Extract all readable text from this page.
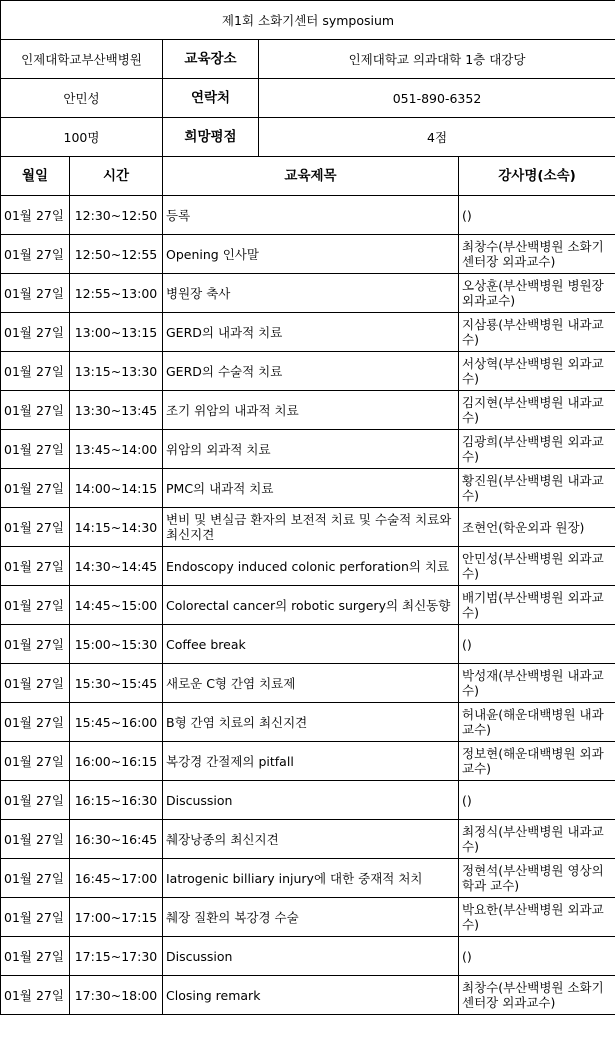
제1회 소화기센터 symposium				
인제대학교부산백병원		교육장소	인제대학교 의과대학 1층 대강당	
안민성		연락처	051-890-6352	
100명		희망평점	4점	
월일	시간	교육제목		강사명(소속)
01월 27일	12:30~12:50	등록		()
01월 27일	12:50~12:55	Opening 인사말		최창수(부산백병원 소화기센터장 외과교수)
01월 27일	12:55~13:00	병원장 축사		오상훈(부산백병원 병원장 외과교수)
01월 27일	13:00~13:15	GERD의 내과적 치료		지삼룡(부산백병원 내과교수)
01월 27일	13:15~13:30	GERD의 수술적 치료		서상혁(부산백병원 외과교수)
01월 27일	13:30~13:45	조기 위암의 내과적 치료		김지현(부산백병원 내과교수)
01월 27일	13:45~14:00	위암의 외과적 치료		김광희(부산백병원 외과교수)
01월 27일	14:00~14:15	PMC의 내과적 치료		황진원(부산백병원 내과교수)
01월 27일	14:15~14:30	변비 및 변실금 환자의 보전적 치료 및 수술적 치료와 최신지견		조현언(학운외과 원장)
01월 27일	14:30~14:45	Endoscopy induced colonic perforation의 치료		안민성(부산백병원 외과교수)
01월 27일	14:45~15:00	Colorectal cancer의 robotic surgery의 최신동향		배기범(부산백병원 외과교수)
01월 27일	15:00~15:30	Coffee break		()
01월 27일	15:30~15:45	새로운 C형 간염 치료제		박성재(부산백병원 내과교수)
01월 27일	15:45~16:00	B형 간염 치료의 최신지견		허내윤(해운대백병원 내과 교수)
01월 27일	16:00~16:15	복강경 간절제의 pitfall		정보현(해운대백병원 외과 교수)
01월 27일	16:15~16:30	Discussion		()
01월 27일	16:30~16:45	췌장낭종의 최신지견		최정식(부산백병원 내과교수)
01월 27일	16:45~17:00	Iatrogenic billiary injury에 대한 중재적 처치		정현석(부산백병원 영상의학과 교수)
01월 27일	17:00~17:15	췌장 질환의 복강경 수술		박요한(부산백병원 외과교수)
01월 27일	17:15~17:30	Discussion		()
01월 27일	17:30~18:00	Closing remark		최창수(부산백병원 소화기센터장 외과교수)
